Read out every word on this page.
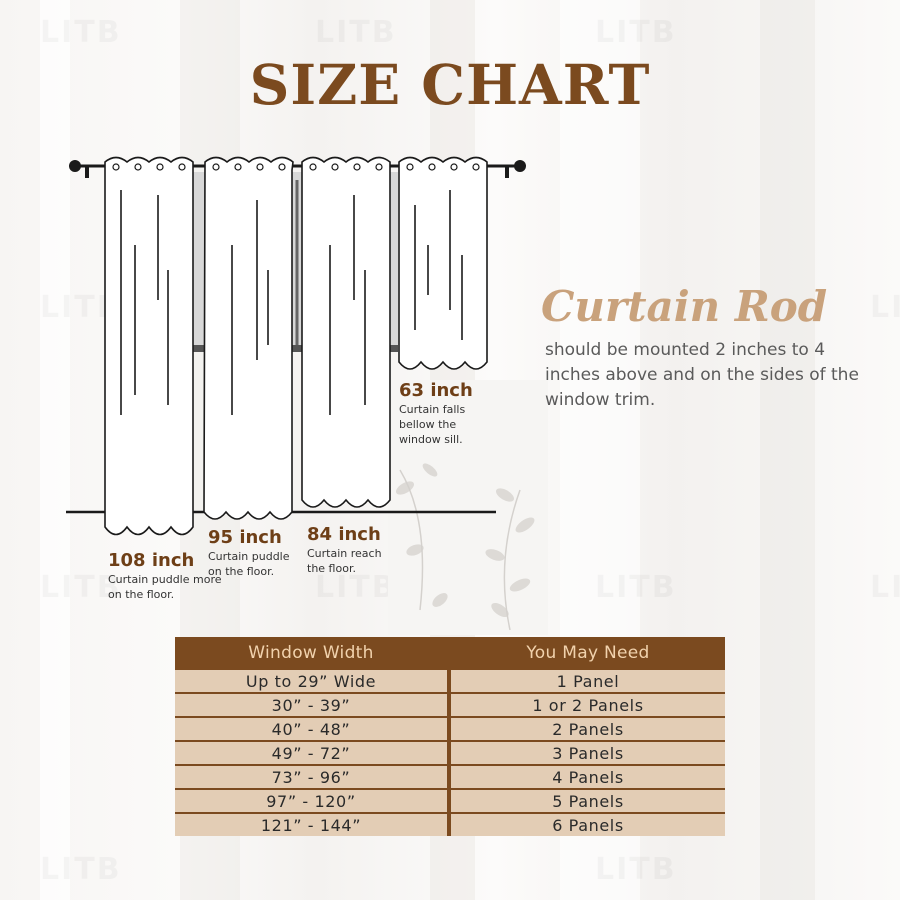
SIZE CHART
108 inch
Curtain puddle more on the floor.
95 inch
Curtain puddle on the floor.
84 inch
Curtain reach the floor.
63 inch
Curtain falls bellow the window sill.
Curtain Rod

should be mounted 2 inches to 4 inches above and on the sides of the window trim.

Window Width	You May Need
Up to 29” Wide	1 Panel
30” - 39”	1 or 2 Panels
40” - 48”	2 Panels
49” - 72”	3 Panels
73” - 96”	4 Panels
97” - 120”	5 Panels
121” - 144”	6 Panels
